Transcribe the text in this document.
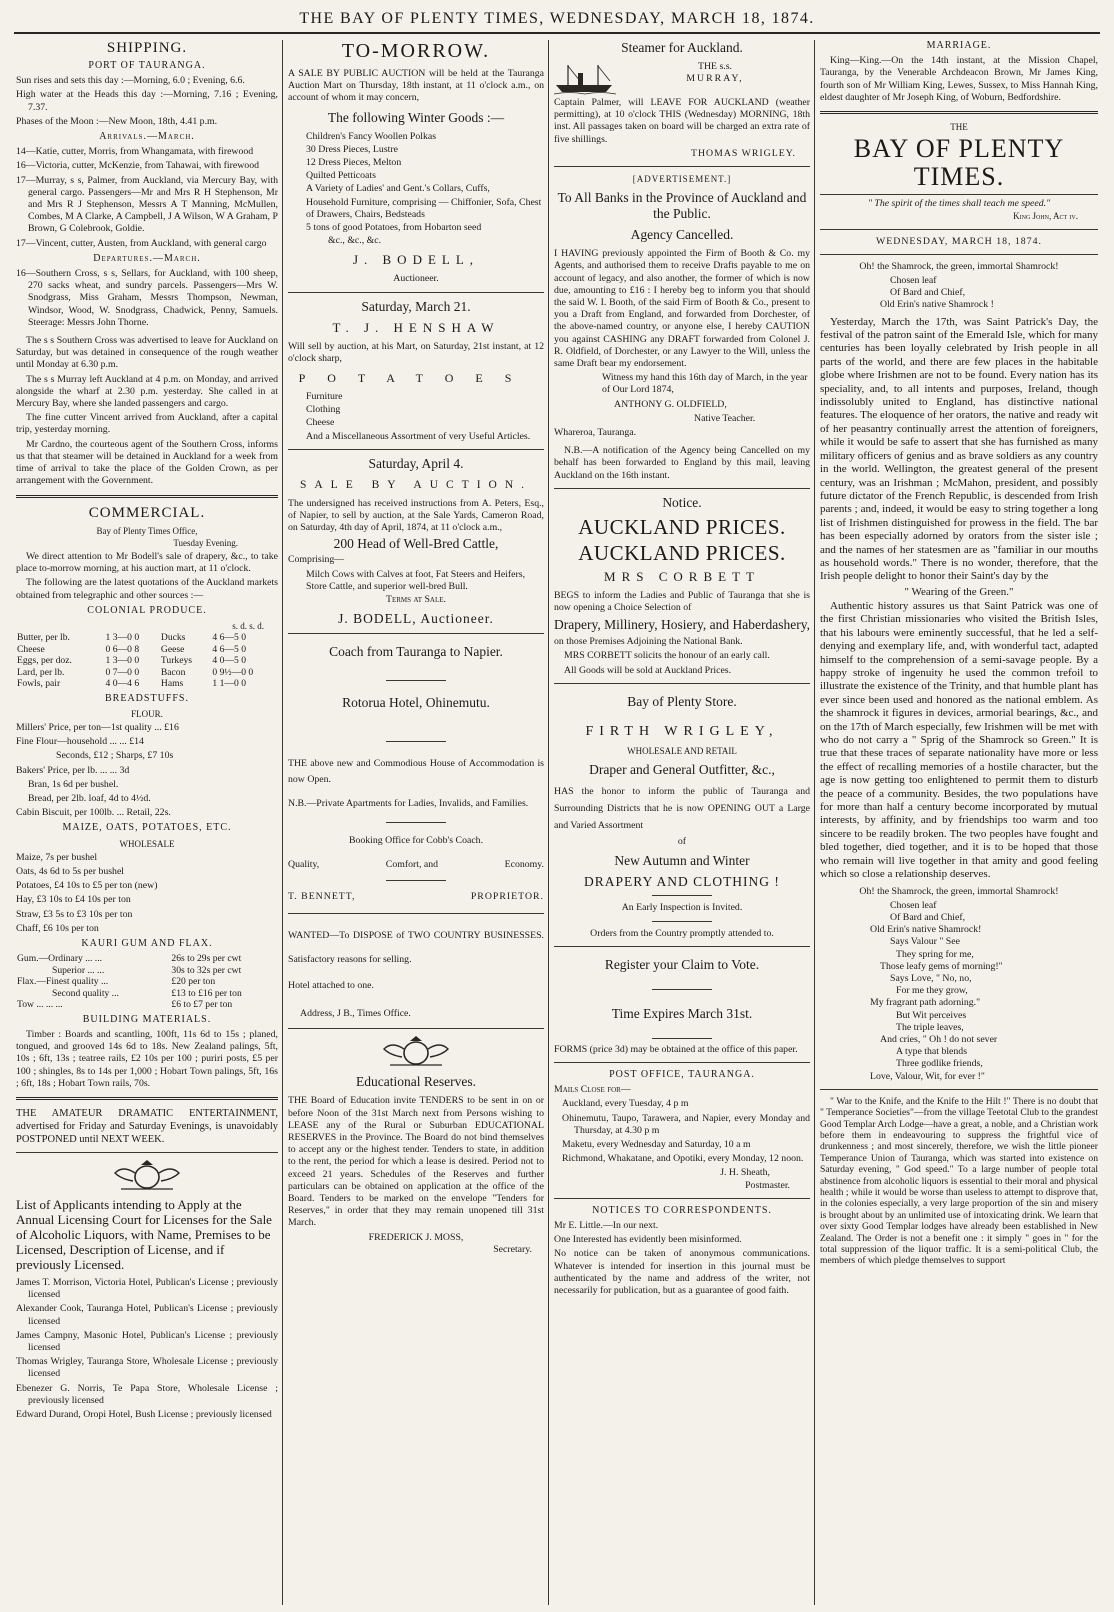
THE BAY OF PLENTY TIMES, WEDNESDAY, MARCH 18, 1874.
SHIPPING.
PORT OF TAURANGA.
Sun rises and sets this day :—Morning, 6.0 ; Evening, 6.6.
High water at the Heads this day :—Morning, 7.16 ; Evening, 7.37.
Phases of the Moon :—New Moon, 18th, 4.41 p.m.
Arrivals.—March.
14—Katie, cutter, Morris, from Whangamata, with firewood
16—Victoria, cutter, McKenzie, from Tahawai, with firewood
17—Murray, s s, Palmer, from Auckland, via Mercury Bay, with general cargo. Passengers—Mr and Mrs R H Stephenson, Mr and Mrs R J Stephenson, Messrs A T Manning, McMullen, Combes, M A Clarke, A Campbell, J A Wilson, W A Graham, P Brown, G Colebrook, Goldie.
17—Vincent, cutter, Austen, from Auckland, with general cargo
Departures.—March.
16—Southern Cross, s s, Sellars, for Auckland, with 100 sheep, 270 sacks wheat, and sundry parcels. Passengers—Mrs W. Snodgrass, Miss Graham, Messrs Thompson, Newman, Windsor, Wood, W. Snodgrass, Chadwick, Penny, Samuels. Steerage: Messrs John Thorne.
The s s Southern Cross was advertised to leave for Auckland on Saturday, but was detained in consequence of the rough weather until Monday at 6.30 p.m.
The s s Murray left Auckland at 4 p.m. on Monday, and arrived alongside the wharf at 2.30 p.m. yesterday. She called in at Mercury Bay, where she landed passengers and cargo.
The fine cutter Vincent arrived from Auckland, after a capital trip, yesterday morning.
Mr Cardno, the courteous agent of the Southern Cross, informs us that that steamer will be detained in Auckland for a week from time of arrival to take the place of the Golden Crown, as per arrangement with the Government.
COMMERCIAL.
Bay of Plenty Times Office,
Tuesday Evening.
We direct attention to Mr Bodell's sale of drapery, &c., to take place to-morrow morning, at his auction mart, at 11 o'clock.
The following are the latest quotations of the Auckland markets obtained from telegraphic and other sources :—
COLONIAL PRODUCE.
s. d. s. d.
Butter, per lb.	1 3—0 0	Ducks	4 6—5 0
Cheese	0 6—0 8	Geese	4 6—5 0
Eggs, per doz.	1 3—0 0	Turkeys	4 0—5 0
Lard, per lb.	0 7—0 0	Bacon	0 9½—0 0
Fowls, pair	4 0—4 6	Hams	1 1—0 0
BREADSTUFFS.
FLOUR.
Millers' Price, per ton—1st quality ... £16
Fine Flour—household ... ... £14
Seconds, £12 ; Sharps, £7 10s
Bakers' Price, per lb. ... ... 3d
Bran, 1s 6d per bushel.
Bread, per 2lb. loaf, 4d to 4½d.
Cabin Biscuit, per 100lb. ... Retail, 22s.
MAIZE, OATS, POTATOES, ETC.
WHOLESALE
Maize, 7s per bushel
Oats, 4s 6d to 5s per bushel
Potatoes, £4 10s to £5 per ton (new)
Hay, £3 10s to £4 10s per ton
Straw, £3 5s to £3 10s per ton
Chaff, £6 10s per ton
KAURI GUM AND FLAX.
Gum.—Ordinary ... ...	26s to 29s per cwt
Superior ... ...	30s to 32s per cwt
Flax.—Finest quality ...	£20 per ton
Second quality ...	£13 to £16 per ton
Tow ... ... ...	£6 to £7 per ton
BUILDING MATERIALS.
Timber : Boards and scantling, 100ft, 11s 6d to 15s ; planed, tongued, and grooved 14s 6d to 18s. New Zealand palings, 5ft, 10s ; 6ft, 13s ; teatree rails, £2 10s per 100 ; puriri posts, £5 per 100 ; shingles, 8s to 14s per 1,000 ; Hobart Town palings, 5ft, 16s ; 6ft, 18s ; Hobart Town rails, 70s.
THE AMATEUR DRAMATIC ENTERTAINMENT, advertised for Friday and Saturday Evenings, is unavoidably POSTPONED until NEXT WEEK.
List of Applicants intending to Apply at the Annual Licensing Court for Licenses for the Sale of Alcoholic Liquors, with Name, Premises to be Licensed, Description of License, and if previously Licensed.
James T. Morrison, Victoria Hotel, Publican's License ; previously licensed
Alexander Cook, Tauranga Hotel, Publican's License ; previously licensed
James Campny, Masonic Hotel, Publican's License ; previously licensed
Thomas Wrigley, Tauranga Store, Wholesale License ; previously licensed
Ebenezer G. Norris, Te Papa Store, Wholesale License ; previously licensed
Edward Durand, Oropi Hotel, Bush License ; previously licensed
TO-MORROW.
A SALE BY PUBLIC AUCTION will be held at the Tauranga Auction Mart on Thursday, 18th instant, at 11 o'clock a.m., on account of whom it may concern,
The following Winter Goods :—
Children's Fancy Woollen Polkas
30 Dress Pieces, Lustre
12 Dress Pieces, Melton
Quilted Petticoats
A Variety of Ladies' and Gent.'s Collars, Cuffs,
Household Furniture, comprising — Chiffonier, Sofa, Chest of Drawers, Chairs, Bedsteads
5 tons of good Potatoes, from Hobarton seed
&c., &c., &c.
J. BODELL,
Auctioneer.
Saturday, March 21.
T. J. HENSHAW
Will sell by auction, at his Mart, on Saturday, 21st instant, at 12 o'clock sharp,
POTATOES
Furniture
Clothing
Cheese
And a Miscellaneous Assortment of very Useful Articles.
Saturday, April 4.
SALE BY AUCTION.
The undersigned has received instructions from A. Peters, Esq., of Napier, to sell by auction, at the Sale Yards, Cameron Road, on Saturday, 4th day of April, 1874, at 11 o'clock a.m.,
200 Head of Well-Bred Cattle,
Comprising—
Milch Cows with Calves at foot, Fat Steers and Heifers, Store Cattle, and superior well-bred Bull.
Terms at Sale.
J. BODELL, Auctioneer.
Coach from Tauranga to Napier.
Rotorua Hotel, Ohinemutu.
THE above new and Commodious House of Accommodation is now Open.
N.B.—Private Apartments for Ladies, Invalids, and Families.
Booking Office for Cobb's Coach.
Quality,	Comfort, and	Economy.
T. BENNETT,	PROPRIETOR.
WANTED—To DISPOSE of TWO COUNTRY BUSINESSES. Satisfactory reasons for selling.
Hotel attached to one.
Address, J B., Times Office.
Educational Reserves.
THE Board of Education invite TENDERS to be sent in on or before Noon of the 31st March next from Persons wishing to LEASE any of the Rural or Suburban EDUCATIONAL RESERVES in the Province. The Board do not bind themselves to accept any or the highest tender. Tenders to state, in addition to the rent, the period for which a lease is desired. Period not to exceed 21 years. Schedules of the Reserves and further particulars can be obtained on application at the office of the Board. Tenders to be marked on the envelope "Tenders for Reserves," in order that they may remain unopened till 31st March.
FREDERICK J. MOSS,
Secretary.
Steamer for Auckland.
THE s.s.
MURRAY,
Captain Palmer, will LEAVE FOR AUCKLAND (weather permitting), at 10 o'clock THIS (Wednesday) MORNING, 18th inst. All passages taken on board will be charged an extra rate of five shillings.
THOMAS WRIGLEY.
[ADVERTISEMENT.]
To All Banks in the Province of Auckland and the Public.
Agency Cancelled.
I HAVING previously appointed the Firm of Booth & Co. my Agents, and authorised them to receive Drafts payable to me on account of legacy, and also another, the former of which is now due, amounting to £16 : I hereby beg to inform you that should the said W. I. Booth, of the said Firm of Booth & Co., present to you a Draft from England, and forwarded from Dorchester, of the above-named country, or anyone else, I hereby CAUTION you against CASHING any DRAFT forwarded from Colonel J. R. Oldfield, of Dorchester, or any Lawyer to the Will, unless the same Draft bear my endorsement.
Witness my hand this 16th day of March, in the year of Our Lord 1874,
ANTHONY G. OLDFIELD,
Native Teacher.
Whareroa, Tauranga.
N.B.—A notification of the Agency being Cancelled on my behalf has been forwarded to England by this mail, leaving Auckland on the 16th instant.
Notice.
AUCKLAND PRICES.
AUCKLAND PRICES.
MRS CORBETT
BEGS to inform the Ladies and Public of Tauranga that she is now opening a Choice Selection of
Drapery, Millinery, Hosiery, and Haberdashery,
on those Premises Adjoining the National Bank.
MRS CORBETT solicits the honour of an early call.
All Goods will be sold at Auckland Prices.
Bay of Plenty Store.
FIRTH WRIGLEY,
WHOLESALE AND RETAIL
Draper and General Outfitter, &c.,
HAS the honor to inform the public of Tauranga and Surrounding Districts that he is now OPENING OUT a Large and Varied Assortment
of
New Autumn and Winter
DRAPERY AND CLOTHING !
An Early Inspection is Invited.
Orders from the Country promptly attended to.
Register your Claim to Vote.
Time Expires March 31st.
FORMS (price 3d) may be obtained at the office of this paper.
POST OFFICE, TAURANGA.
Mails Close for—
Auckland, every Tuesday, 4 p m
Ohinemutu, Taupo, Tarawera, and Napier, every Monday and Thursday, at 4.30 p m
Maketu, every Wednesday and Saturday, 10 a m
Richmond, Whakatane, and Opotiki, every Monday, 12 noon.
J. H. Sheath,
Postmaster.
NOTICES TO CORRESPONDENTS.
Mr E. Little.—In our next.
One Interested has evidently been misinformed.
No notice can be taken of anonymous communications. Whatever is intended for insertion in this journal must be authenticated by the name and address of the writer, not necessarily for publication, but as a guarantee of good faith.
MARRIAGE.
King—King.—On the 14th instant, at the Mission Chapel, Tauranga, by the Venerable Archdeacon Brown, Mr James King, fourth son of Mr William King, Lewes, Sussex, to Miss Hannah King, eldest daughter of Mr Joseph King, of Woburn, Bedfordshire.
THE
BAY OF PLENTY TIMES.
" The spirit of the times shall teach me speed."
King John, Act iv.
WEDNESDAY, MARCH 18, 1874.
Oh! the Shamrock, the green, immortal Shamrock!
Chosen leaf
Of Bard and Chief,
Old Erin's native Shamrock !
Yesterday, March the 17th, was Saint Patrick's Day, the festival of the patron saint of the Emerald Isle, which for many centuries has been loyally celebrated by Irish people in all parts of the world, and there are few places in the habitable globe where Irishmen are not to be found. Every nation has its speciality, and, to all intents and purposes, Ireland, though indissolubly united to England, has distinctive national features. The eloquence of her orators, the native and ready wit of her peasantry continually arrest the attention of foreigners, while it would be safe to assert that she has furnished as many military officers of genius and as brave soldiers as any country in the world. Wellington, the greatest general of the present century, was an Irishman ; McMahon, president, and possibly future dictator of the French Republic, is descended from Irish parents ; and, indeed, it would be easy to string together a long list of Irishmen distinguished for prowess in the field. The bar has been especially adorned by orators from the sister isle ; and the names of her statesmen are as "familiar in our mouths as household words." There is no wonder, therefore, that the Irish people delight to honor their Saint's day by the
" Wearing of the Green."
Authentic history assures us that Saint Patrick was one of the first Christian missionaries who visited the British Isles, that his labours were eminently successful, that he led a self-denying and exemplary life, and, with wonderful tact, adapted himself to the comprehension of a semi-savage people. By a happy stroke of ingenuity he used the common trefoil to illustrate the existence of the Trinity, and that humble plant has ever since been used and honored as the national emblem. As the shamrock it figures in devices, armorial bearings, &c., and on the 17th of March especially, few Irishmen will be met with who do not carry a " Sprig of the Shamrock so Green." It is true that these traces of separate nationality have more or less the effect of recalling memories of a hostile character, but the age is now getting too enlightened to permit them to disturb the peace of a community. Besides, the two populations have for more than half a century become incorporated by mutual interests, by affinity, and by friendships too warm and too sincere to be readily broken. The two peoples have fought and bled together, died together, and it is to be hoped that those who remain will live together in that amity and good feeling which so close a relationship deserves.
Oh! the Shamrock, the green, immortal Shamrock!
Chosen leaf
Of Bard and Chief,
Old Erin's native Shamrock!
Says Valour " See
They spring for me,
Those leafy gems of morning!"
Says Love, " No, no,
For me they grow,
My fragrant path adorning."
But Wit perceives
The triple leaves,
And cries, " Oh ! do not sever
A type that blends
Three godlike friends,
Love, Valour, Wit, for ever !"
" War to the Knife, and the Knife to the Hilt !" There is no doubt that " Temperance Societies"—from the village Teetotal Club to the grandest Good Templar Arch Lodge—have a great, a noble, and a Christian work before them in endeavouring to suppress the frightful vice of drunkenness ; and most sincerely, therefore, we wish the little pioneer Temperance Union of Tauranga, which was started into existence on Saturday evening, " God speed." To a large number of people total abstinence from alcoholic liquors is essential to their moral and physical health ; while it would be worse than useless to attempt to disprove that, in the colonies especially, a very large proportion of the sin and misery is brought about by an unlimited use of intoxicating drink. We learn that over sixty Good Templar lodges have already been established in New Zealand. The Order is not a benefit one : it simply " goes in " for the total suppression of the liquor traffic. It is a semi-political Club, the members of which pledge themselves to support
